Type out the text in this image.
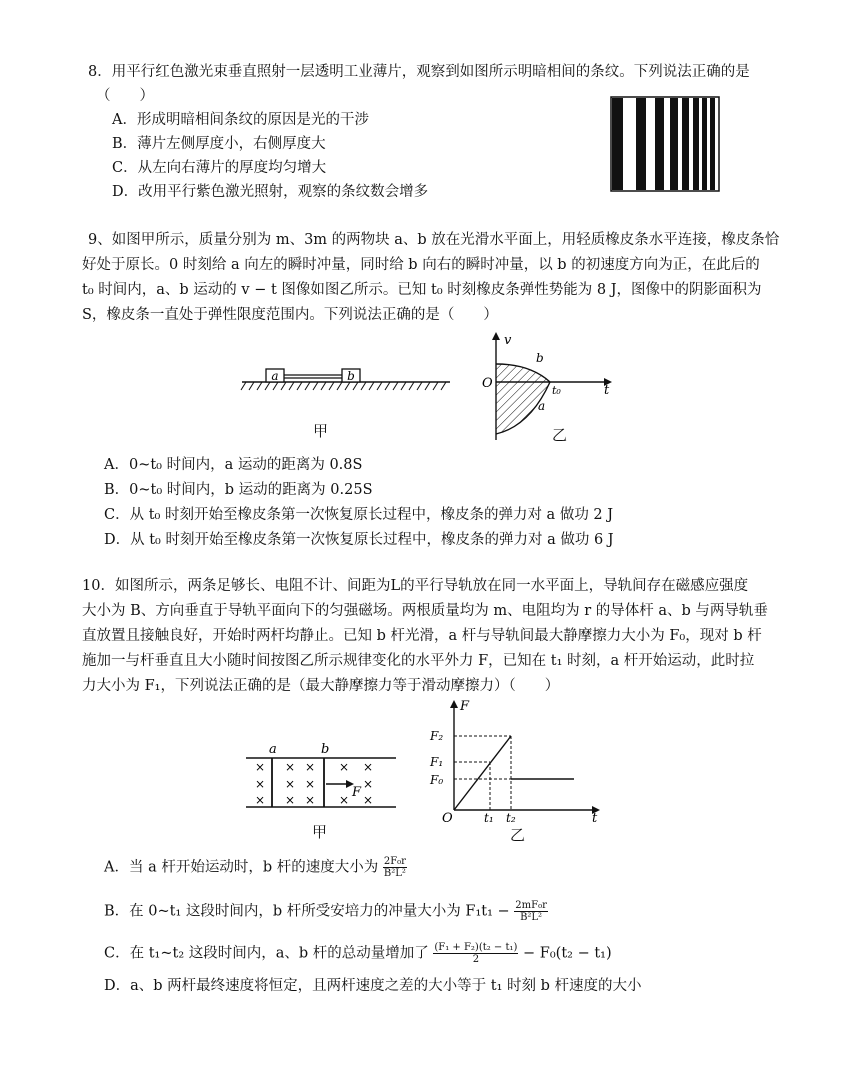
8．用平行红色激光束垂直照射一层透明工业薄片，观察到如图所示明暗相间的条纹。下列说法正确的是
（　　）
A．形成明暗相间条纹的原因是光的干涉
B．薄片左侧厚度小，右侧厚度大
C．从左向右薄片的厚度均匀增大
D．改用平行紫色激光照射，观察的条纹数会增多
9、如图甲所示，质量分别为 m、3m 的两物块 a、b 放在光滑水平面上，用轻质橡皮条水平连接，橡皮条恰
好处于原长。0 时刻给 a 向左的瞬时冲量，同时给 b 向右的瞬时冲量，以 b 的初速度方向为正，在此后的
t₀ 时间内，a、b 运动的 v − t 图像如图乙所示。已知 t₀ 时刻橡皮条弹性势能为 8 J，图像中的阴影面积为
S，橡皮条一直处于弹性限度范围内。下列说法正确的是（　　）
a	b
甲
v
t
O
b
a
t₀
乙
A．0~t₀ 时间内，a 运动的距离为 0.8S
B．0~t₀ 时间内，b 运动的距离为 0.25S
C．从 t₀ 时刻开始至橡皮条第一次恢复原长过程中，橡皮条的弹力对 a 做功 2 J
D．从 t₀ 时刻开始至橡皮条第一次恢复原长过程中，橡皮条的弹力对 a 做功 6 J
10．如图所示，两条足够长、电阻不计、间距为L的平行导轨放在同一水平面上，导轨间存在磁感应强度
大小为 B、方向垂直于导轨平面向下的匀强磁场。两根质量均为 m、电阻均为 r 的导体杆 a、b 与两导轨垂
直放置且接触良好，开始时两杆均静止。已知 b 杆光滑，a 杆与导轨间最大静摩擦力大小为 F₀，现对 b 杆
施加一与杆垂直且大小随时间按图乙所示规律变化的水平外力 F，已知在 t₁ 时刻，a 杆开始运动，此时拉
力大小为 F₁，下列说法正确的是（最大静摩擦力等于滑动摩擦力）（　　）
a	b
× × × × ×
× × ×	×
× × × × ×
F
甲
F
F₂
F₁
F₀
O	t₁ t₂	t
乙
A．当 a 杆开始运动时，b 杆的速度大小为 $\frac{\text{2F₀r}}{\text{B²L²}}$
B．在 0~t₁ 这段时间内，b 杆所受安培力的冲量大小为 $F_1t_1 - \frac{\text{2mF₀r}}{\text{B²L²}}$
C．在 t₁~t₂ 这段时间内，a、b 杆的总动量增加了 $\frac{\text{(F₁ + F₂)(t₂ − t₁)}}{2} - F_0(t_2 - t_1)$
D．a、b 两杆最终速度将恒定，且两杆速度之差的大小等于 t₁ 时刻 b 杆速度的大小
